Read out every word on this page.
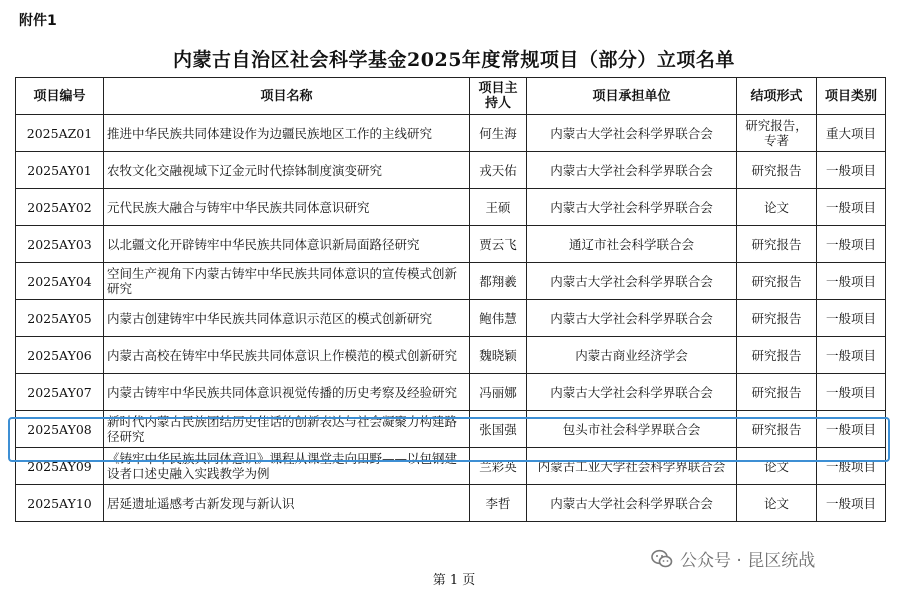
附件1
内蒙古自治区社会科学基金2025年度常规项目（部分）立项名单
项目编号	项目名称	项目主持人	项目承担单位	结项形式	项目类别
2025AZ01	推进中华民族共同体建设作为边疆民族地区工作的主线研究	何生海	内蒙古大学社会科学界联合会	研究报告，专著	重大项目
2025AY01	农牧文化交融视域下辽金元时代捺钵制度演变研究	戎天佑	内蒙古大学社会科学界联合会	研究报告	一般项目
2025AY02	元代民族大融合与铸牢中华民族共同体意识研究	王硕	内蒙古大学社会科学界联合会	论文	一般项目
2025AY03	以北疆文化开辟铸牢中华民族共同体意识新局面路径研究	贾云飞	通辽市社会科学联合会	研究报告	一般项目
2025AY04	空间生产视角下内蒙古铸牢中华民族共同体意识的宣传模式创新研究	都翔羲	内蒙古大学社会科学界联合会	研究报告	一般项目
2025AY05	内蒙古创建铸牢中华民族共同体意识示范区的模式创新研究	鲍伟慧	内蒙古大学社会科学界联合会	研究报告	一般项目
2025AY06	内蒙古高校在铸牢中华民族共同体意识上作模范的模式创新研究	魏晓颖	内蒙古商业经济学会	研究报告	一般项目
2025AY07	内蒙古铸牢中华民族共同体意识视觉传播的历史考察及经验研究	冯丽娜	内蒙古大学社会科学界联合会	研究报告	一般项目
2025AY08	新时代内蒙古民族团结历史佳话的创新表达与社会凝聚力构建路径研究	张国强	包头市社会科学界联合会	研究报告	一般项目
2025AY09	《铸牢中华民族共同体意识》课程从课堂走向田野——以包钢建设者口述史融入实践教学为例	兰彩英	内蒙古工业大学社会科学界联合会	论文	一般项目
2025AY10	居延遗址遥感考古新发现与新认识	李哲	内蒙古大学社会科学界联合会	论文	一般项目
公众号 · 昆区统战
第 1 页
